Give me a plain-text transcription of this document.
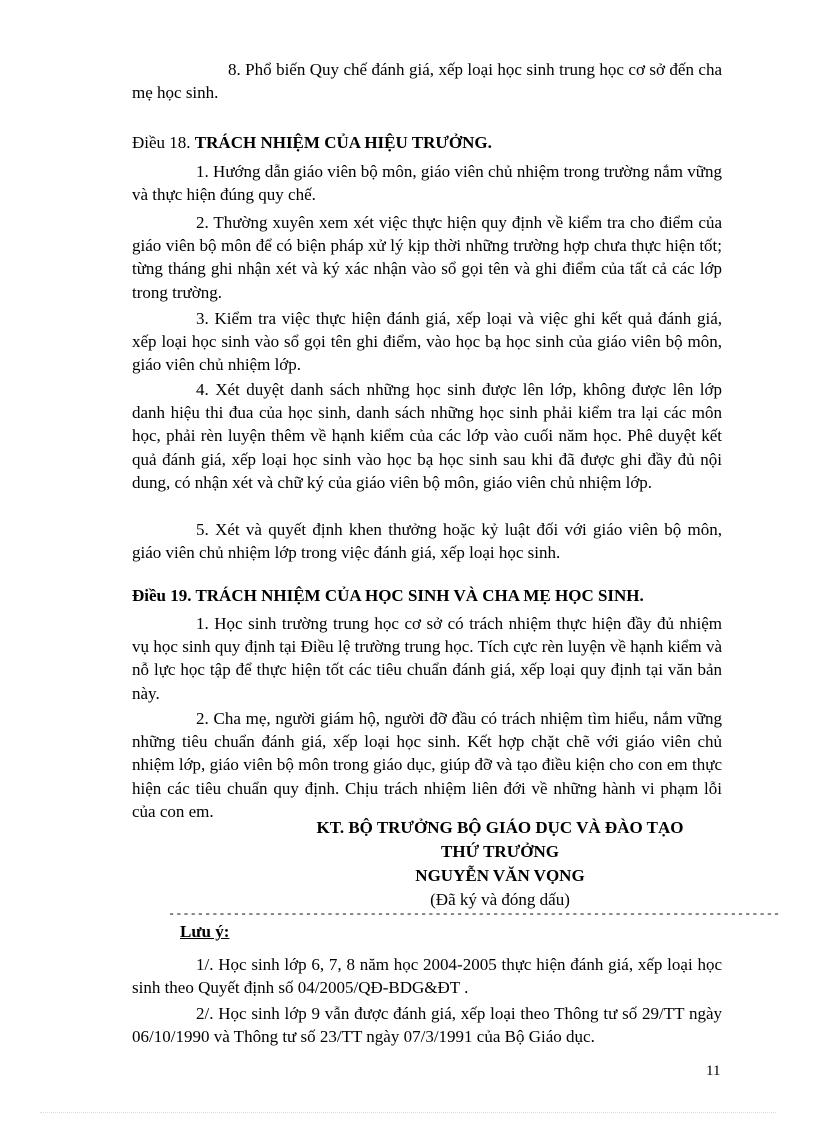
8. Phổ biến Quy chế đánh giá, xếp loại học sinh trung học cơ sở đến cha mẹ học sinh.

Điều 18. TRÁCH NHIỆM CỦA HIỆU TRƯỞNG.

1. Hướng dẫn giáo viên bộ môn, giáo viên chủ nhiệm trong trường nắm vững và thực hiện đúng quy chế.

2. Thường xuyên xem xét việc thực hiện quy định về kiểm tra cho điểm của giáo viên bộ môn để có biện pháp xử lý kịp thời những trường hợp chưa thực hiện tốt; từng tháng ghi nhận xét và ký xác nhận vào sổ gọi tên và ghi điểm của tất cả các lớp trong trường.

3. Kiểm tra việc thực hiện đánh giá, xếp loại và việc ghi kết quả đánh giá, xếp loại học sinh vào sổ gọi tên ghi điểm, vào học bạ học sinh của giáo viên bộ môn, giáo viên chủ nhiệm lớp.

4. Xét duyệt danh sách những học sinh được lên lớp, không được lên lớp danh hiệu thi đua của học sinh, danh sách những học sinh phải kiểm tra lại các môn học, phải rèn luyện thêm về hạnh kiểm của các lớp vào cuối năm học. Phê duyệt kết quả đánh giá, xếp loại học sinh vào học bạ học sinh sau khi đã được ghi đầy đủ nội dung, có nhận xét và chữ ký của giáo viên bộ môn, giáo viên chủ nhiệm lớp.

5. Xét và quyết định khen thưởng hoặc kỷ luật đối với giáo viên bộ môn, giáo viên chủ nhiệm lớp trong việc đánh giá, xếp loại học sinh.

Điều 19. TRÁCH NHIỆM CỦA HỌC SINH VÀ CHA MẸ HỌC SINH.

1. Học sinh trường trung học cơ sở có trách nhiệm thực hiện đầy đủ nhiệm vụ học sinh quy định tại Điều lệ trường trung học. Tích cực rèn luyện về hạnh kiểm và nỗ lực học tập để thực hiện tốt các tiêu chuẩn đánh giá, xếp loại quy định tại văn bản này.

2. Cha mẹ, người giám hộ, người đỡ đầu có trách nhiệm tìm hiểu, nắm vững những tiêu chuẩn đánh giá, xếp loại học sinh. Kết hợp chặt chẽ với giáo viên chủ nhiệm lớp, giáo viên bộ môn trong giáo dục, giúp đỡ và tạo điều kiện cho con em thực hiện các tiêu chuẩn quy định. Chịu trách nhiệm liên đới về những hành vi phạm lỗi của con em.

KT. BỘ TRƯỞNG BỘ GIÁO DỤC VÀ ĐÀO TẠO

THỨ TRƯỞNG

NGUYỄN VĂN VỌNG

(Đã ký và đóng dấu)

-------------------------------------------------------------------------------------

Lưu ý:

1/. Học sinh lớp 6, 7, 8 năm học 2004-2005 thực hiện đánh giá, xếp loại học sinh theo Quyết định số 04/2005/QĐ-BDG&ĐT .

2/. Học sinh lớp 9 vẫn được đánh giá, xếp loại theo Thông tư số 29/TT ngày 06/10/1990 và Thông tư số 23/TT ngày 07/3/1991 của Bộ Giáo dục.

11
